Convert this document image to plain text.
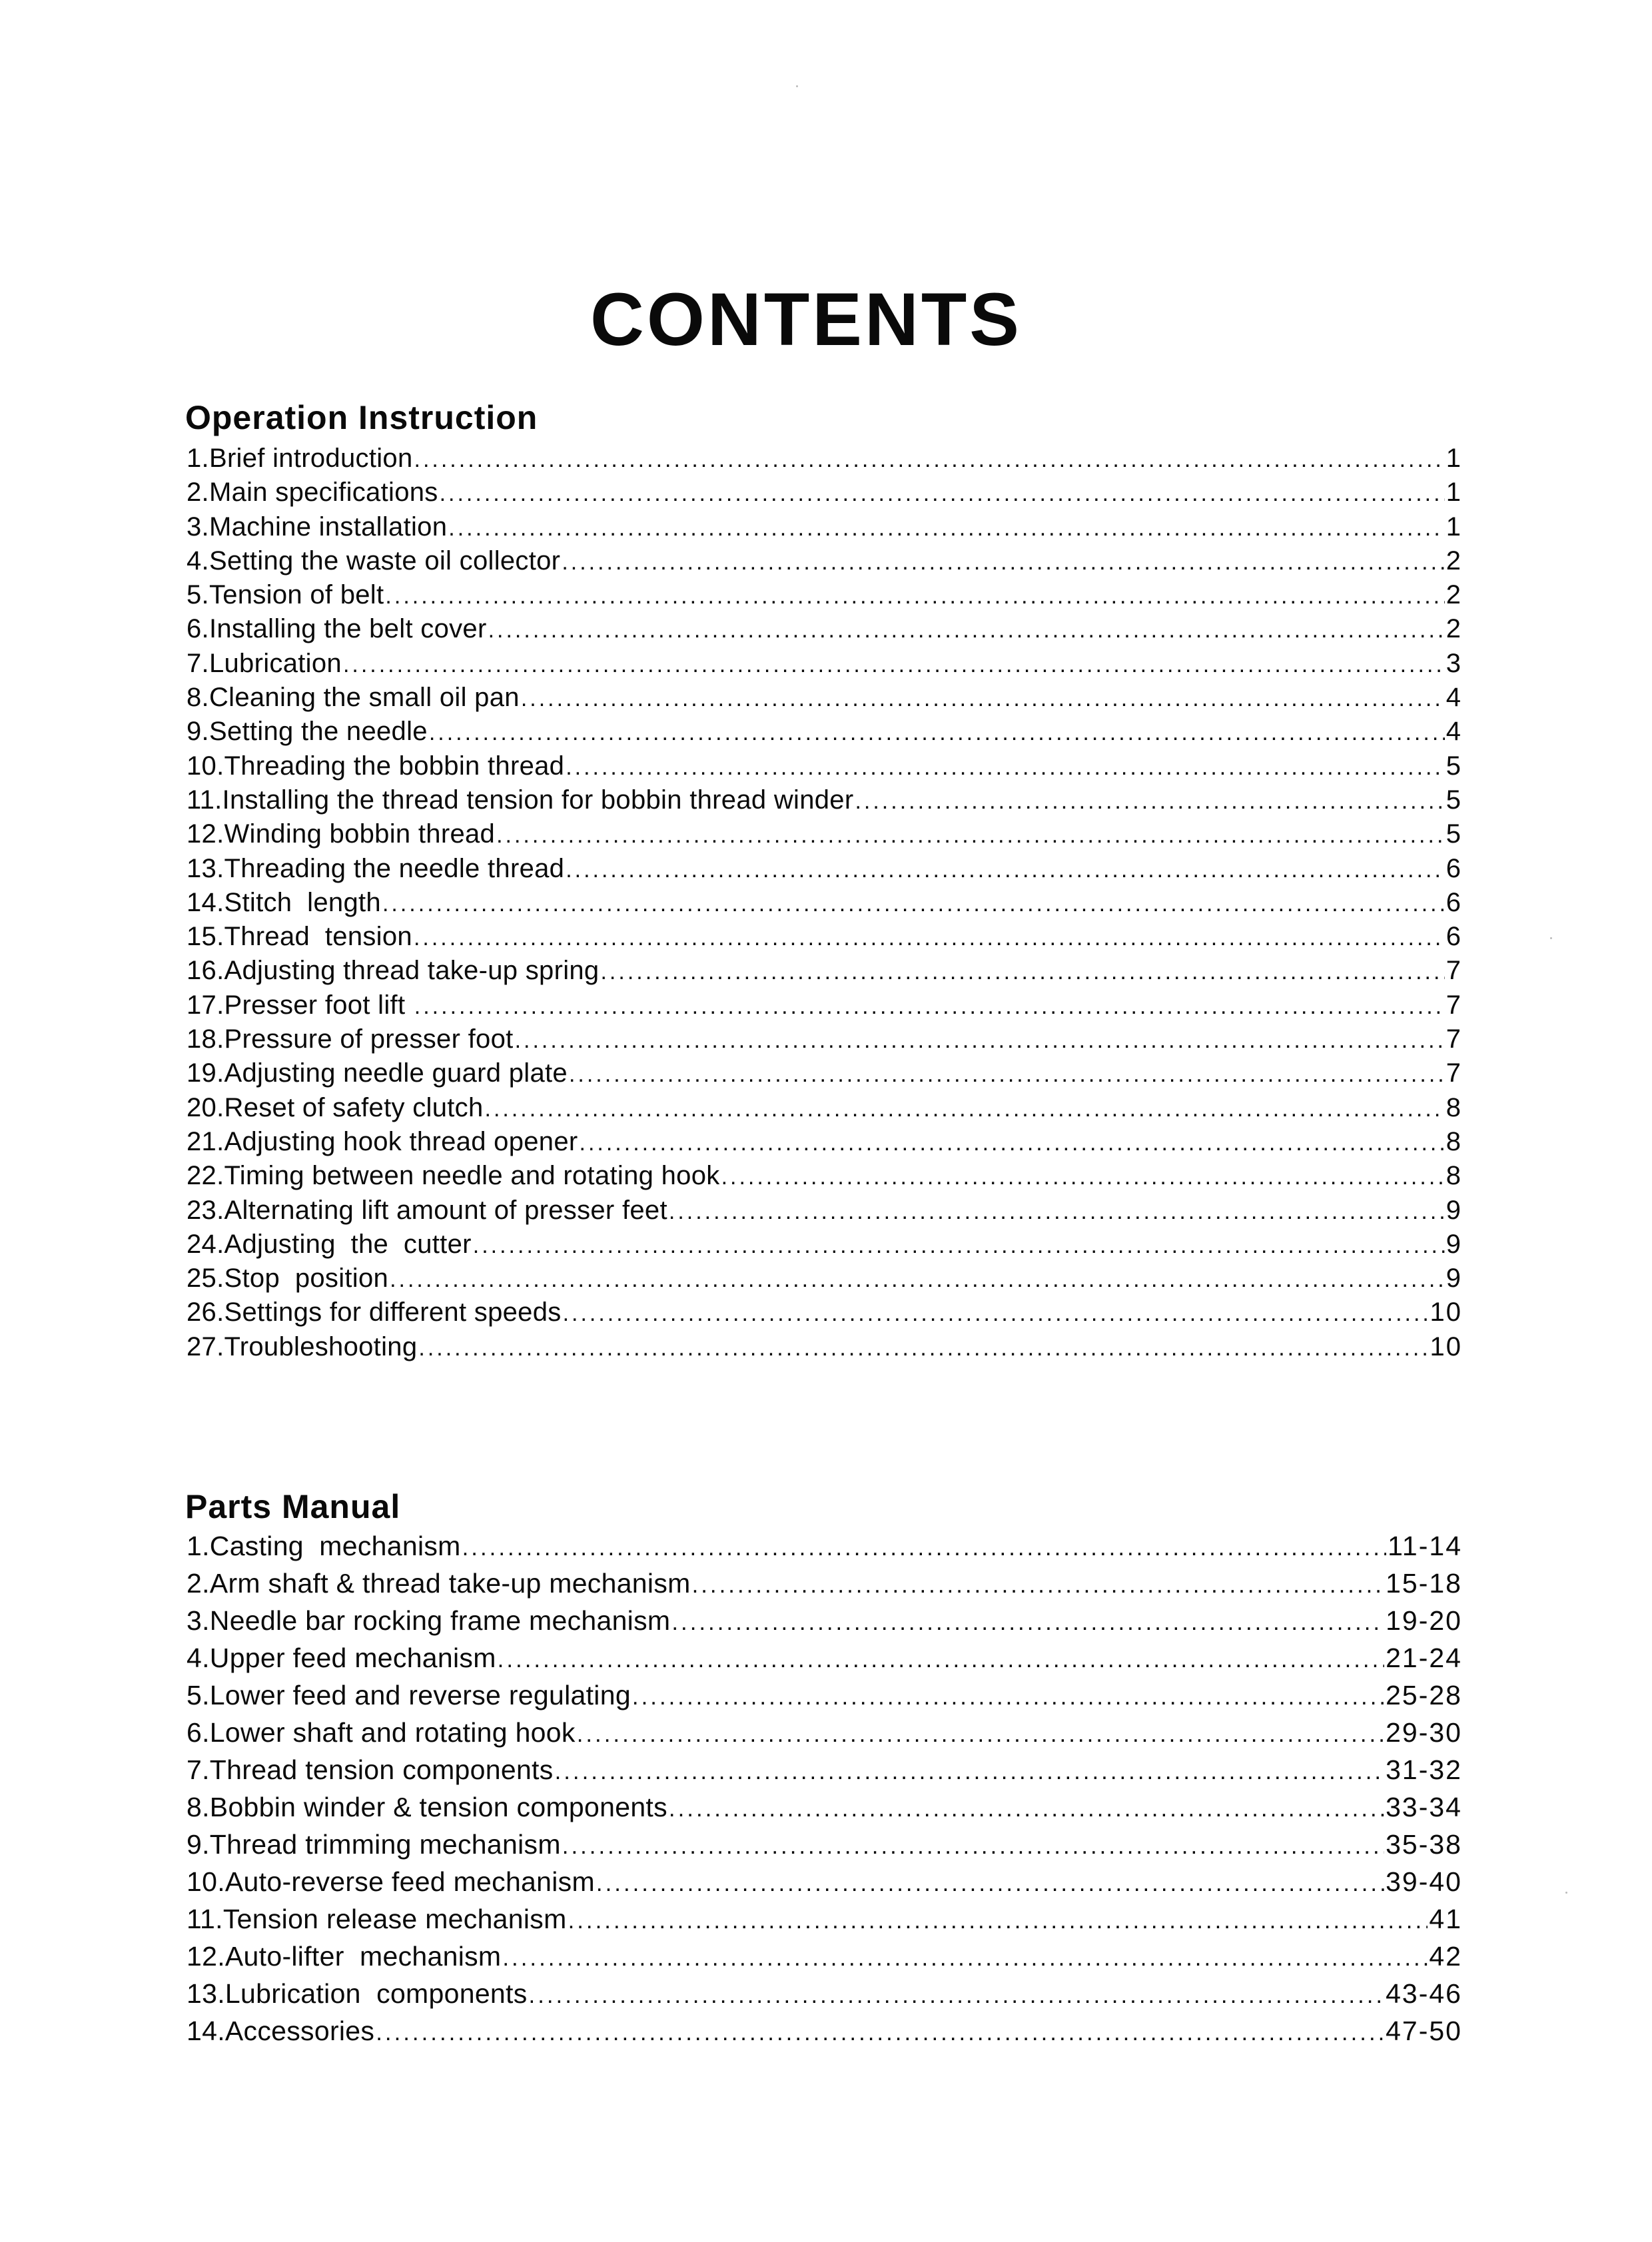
CONTENTS
Operation Instruction
1.Brief introduction .....	1
2.Main specifications .....	1
3.Machine installation .....	1
4.Setting the waste oil collector .....	2
5.Tension of belt .....	2
6.Installing the belt cover .....	2
7.Lubrication .....	3
8.Cleaning the small oil pan .....	4
9.Setting the needle .....	4
10.Threading the bobbin thread .....	5
11.Installing the thread tension for bobbin thread winder .....	5
12.Winding bobbin thread .....	5
13.Threading the needle thread .....	6
14.Stitch  length .....	6
15.Thread  tension .....	6
16.Adjusting thread take-up spring .....	7
17.Presser foot lift .....	7
18.Pressure of presser foot .....	7
19.Adjusting needle guard plate .....	7
20.Reset of safety clutch .....	8
21.Adjusting hook thread opener .....	8
22.Timing between needle and rotating hook .....	8
23.Alternating lift amount of presser feet .....	9
24.Adjusting  the  cutter .....	9
25.Stop  position .....	9
26.Settings for different speeds .....	10
27.Troubleshooting .....	10
Parts Manual
1.Casting  mechanism .....	11-14
2.Arm shaft & thread take-up mechanism .....	15-18
3.Needle bar rocking frame mechanism .....	19-20
4.Upper feed mechanism .....	21-24
5.Lower feed and reverse regulating .....	25-28
6.Lower shaft and rotating hook .....	29-30
7.Thread tension components .....	31-32
8.Bobbin winder & tension components .....	33-34
9.Thread trimming mechanism .....	35-38
10.Auto-reverse feed mechanism .....	39-40
11.Tension release mechanism .....	41
12.Auto-lifter  mechanism .....	42
13.Lubrication  components .....	43-46
14.Accessories .....	47-50
